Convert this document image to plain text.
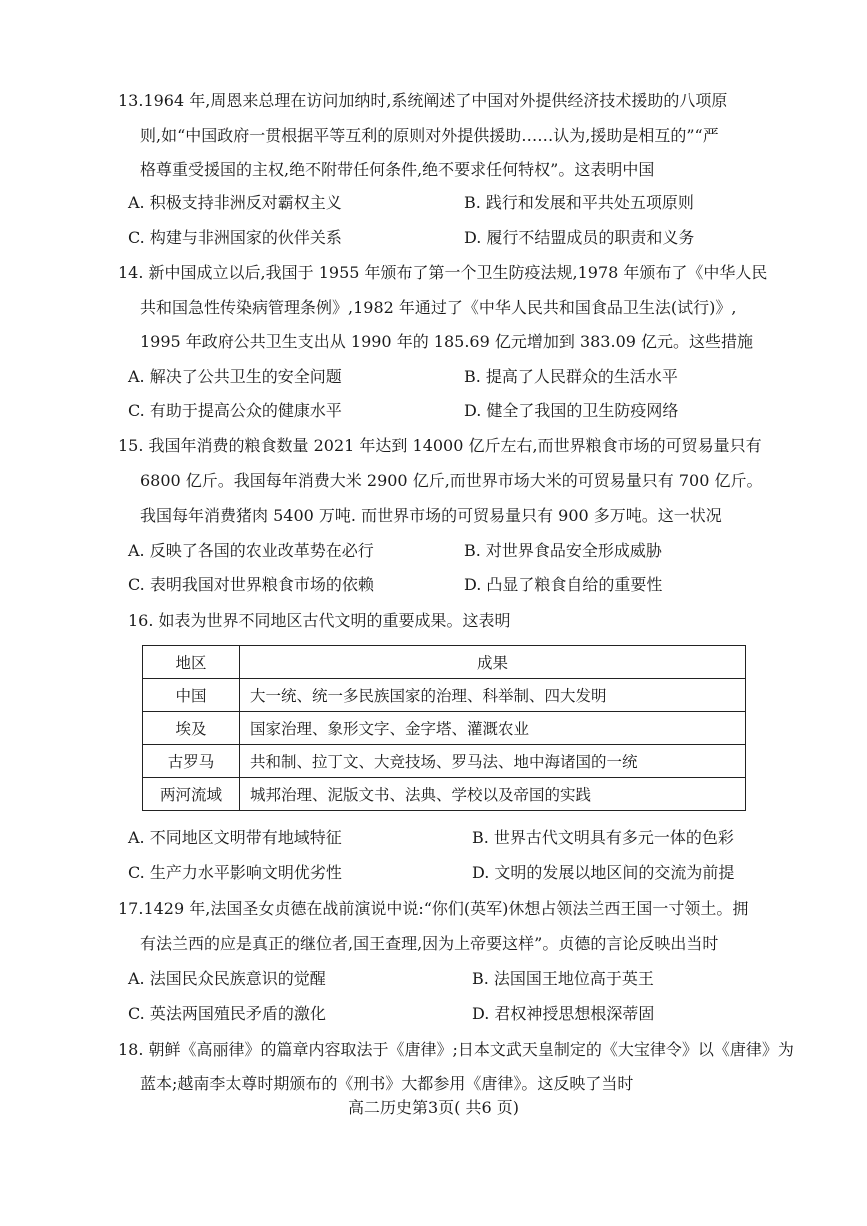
13.1964 年,周恩来总理在访问加纳时,系统阐述了中国对外提供经济技术援助的八项原
则,如“中国政府一贯根据平等互利的原则对外提供援助……认为,援助是相互的”“严
格尊重受援国的主权,绝不附带任何条件,绝不要求任何特权”。这表明中国
A. 积极支持非洲反对霸权主义	B. 践行和发展和平共处五项原则
C. 构建与非洲国家的伙伴关系	D. 履行不结盟成员的职责和义务
14. 新中国成立以后,我国于 1955 年颁布了第一个卫生防疫法规,1978 年颁布了《中华人民
共和国急性传染病管理条例》,1982 年通过了《中华人民共和国食品卫生法(试行)》,
1995 年政府公共卫生支出从 1990 年的 185.69 亿元增加到 383.09 亿元。这些措施
A. 解决了公共卫生的安全问题	B. 提高了人民群众的生活水平
C. 有助于提高公众的健康水平	D. 健全了我国的卫生防疫网络
15. 我国年消费的粮食数量 2021 年达到 14000 亿斤左右,而世界粮食市场的可贸易量只有
6800 亿斤。我国每年消费大米 2900 亿斤,而世界市场大米的可贸易量只有 700 亿斤。
我国每年消费猪肉 5400 万吨. 而世界市场的可贸易量只有 900 多万吨。这一状况
A. 反映了各国的农业改革势在必行	B. 对世界食品安全形成威胁
C. 表明我国对世界粮食市场的依赖	D. 凸显了粮食自给的重要性
16. 如表为世界不同地区古代文明的重要成果。这表明
地区	成果
中国	大一统、统一多民族国家的治理、科举制、四大发明
埃及	国家治理、象形文字、金字塔、灌溉农业
古罗马	共和制、拉丁文、大竞技场、罗马法、地中海诸国的一统
两河流域	城邦治理、泥版文书、法典、学校以及帝国的实践
A. 不同地区文明带有地域特征	B. 世界古代文明具有多元一体的色彩
C. 生产力水平影响文明优劣性	D. 文明的发展以地区间的交流为前提
17.1429 年,法国圣女贞德在战前演说中说:“你们(英军)休想占领法兰西王国一寸领土。拥
有法兰西的应是真正的继位者,国王查理,因为上帝要这样”。贞德的言论反映出当时
A. 法国民众民族意识的觉醒	B. 法国国王地位高于英王
C. 英法两国殖民矛盾的激化	D. 君权神授思想根深蒂固
18. 朝鲜《高丽律》的篇章内容取法于《唐律》;日本文武天皇制定的《大宝律令》以《唐律》为
蓝本;越南李太尊时期颁布的《刑书》大都参用《唐律》。这反映了当时
高二历史第3页( 共6 页)
